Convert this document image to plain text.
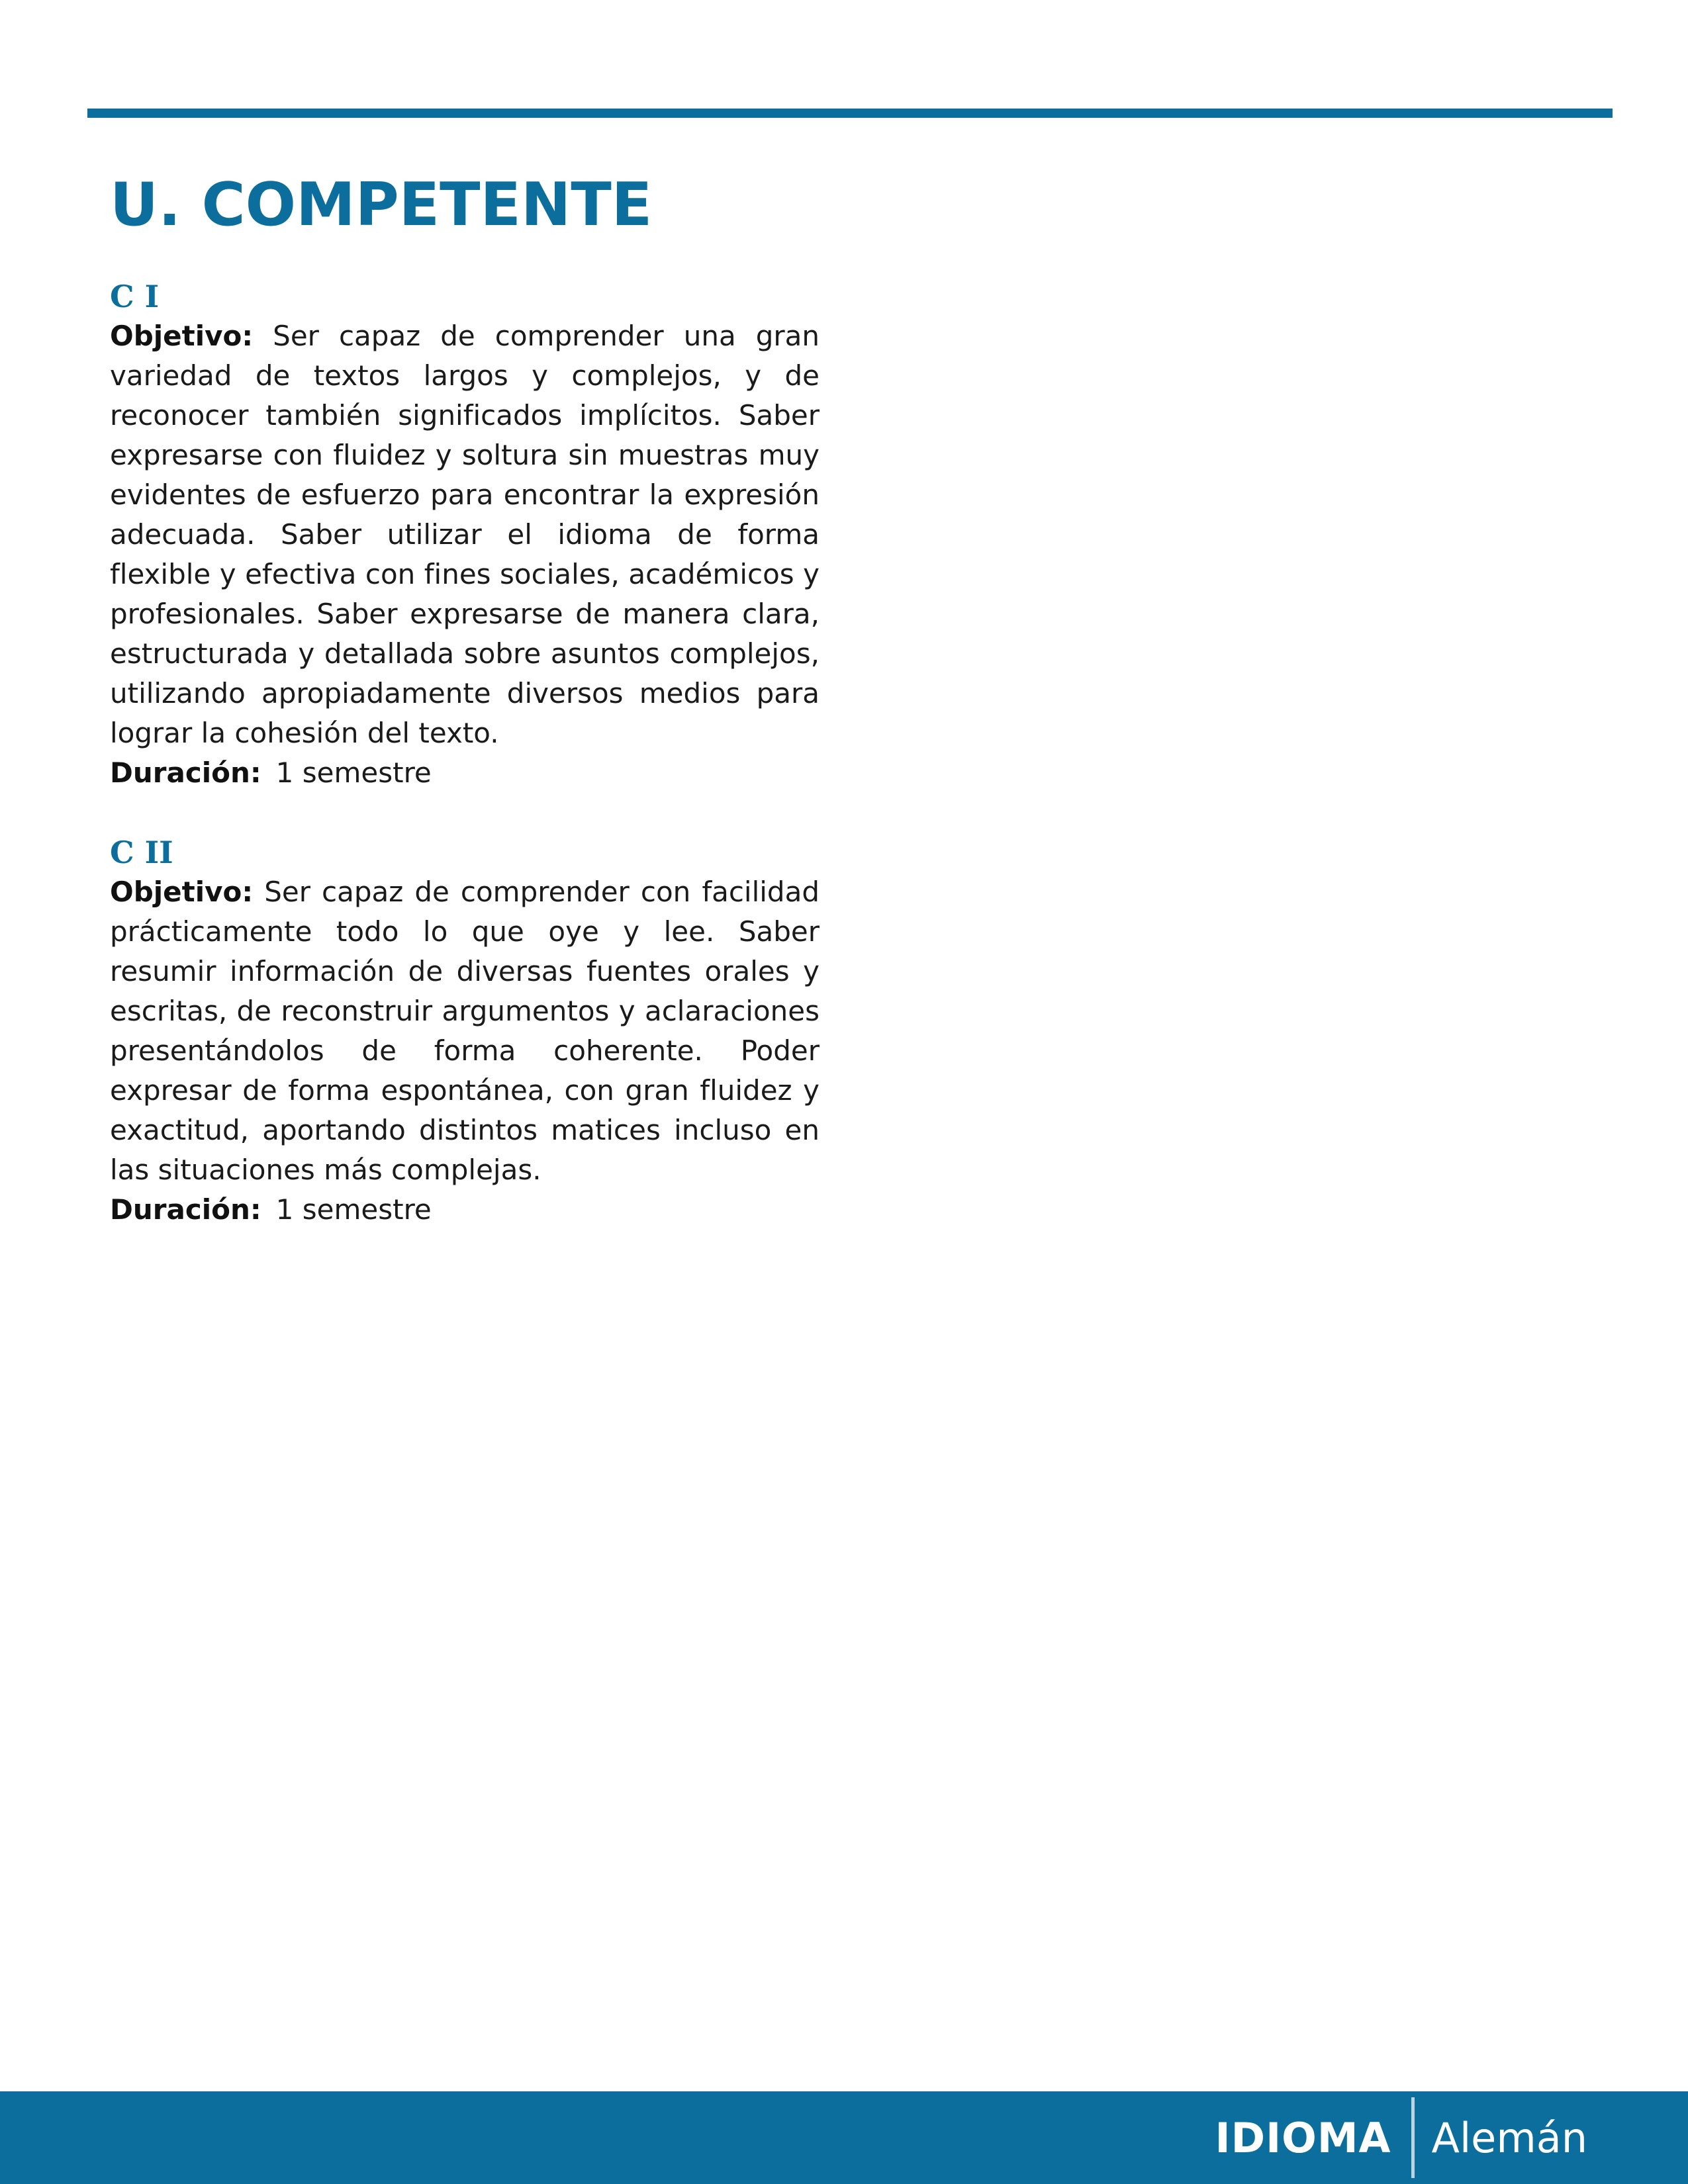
U. COMPETENTE
C I

Objetivo: Ser capaz de comprender una gran variedad de textos largos y complejos, y de reconocer también significados implícitos. Saber expresarse con fluidez y soltura sin muestras muy evidentes de esfuerzo para encontrar la expresión adecuada. Saber utilizar el idioma de forma flexible y efectiva con fines sociales, académicos y profesionales. Saber expresarse de manera clara, estructurada y detallada sobre asuntos complejos, utilizando apropiadamente diversos medios para lograr la cohesión del texto.

Duración: 1 semestre

C II

Objetivo: Ser capaz de comprender con facilidad prácticamente todo lo que oye y lee. Saber resumir información de diversas fuentes orales y escritas, de reconstruir argumentos y aclaraciones presentándolos de forma coherente. Poder expresar de forma espontánea, con gran fluidez y exactitud, aportando distintos matices incluso en las situaciones más complejas.

Duración: 1 semestre

IDIOMA Alemán
